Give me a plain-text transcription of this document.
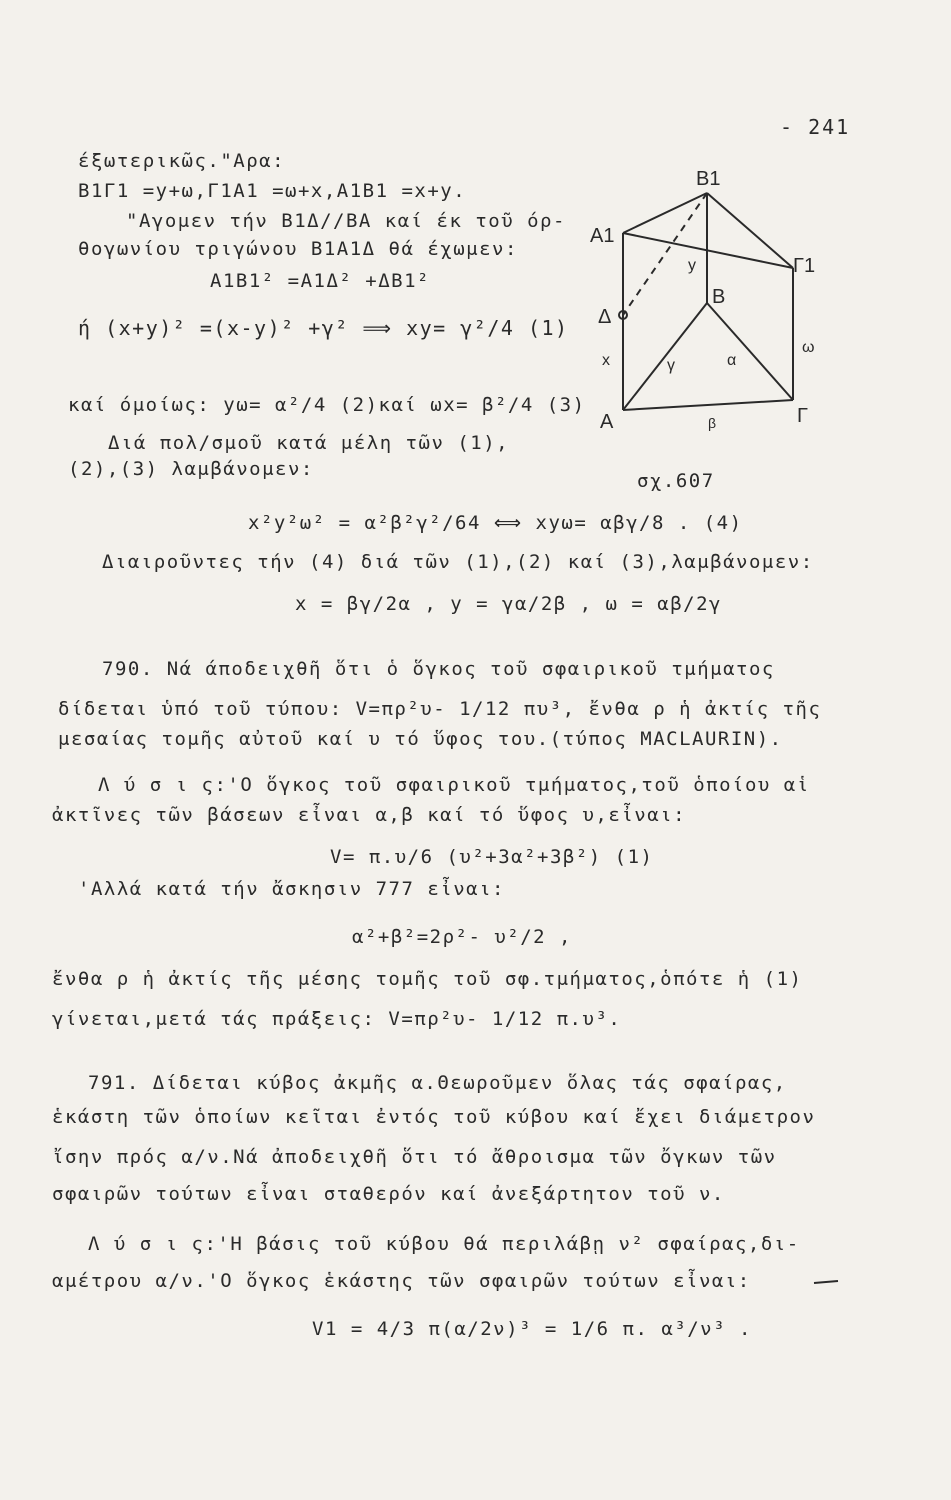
- 241
B1
A1
Γ1
B
Δ
A	Γ
y
x
ω
γ	α
β
σχ.607
έξωτερικῶς."Αρα:
B1Γ1 =y+ω,Γ1Α1 =ω+x,Α1Β1 =x+y.
"Αγομεν τήν Β1Δ//ΒΑ καί έκ τοῦ όρ-
θογωνίου τριγώνου Β1Α1Δ θά έχωμεν:
Α1Β1² =Α1Δ² +ΔΒ1²
ή (x+y)² =(x-y)² +γ² ⟹ xy= γ²/4 (1)
καί όμοίως: yω= α²/4 (2)καί ωx= β²/4 (3)
Διά πολ/σμοῦ κατά μέλη τῶν (1),
(2),(3) λαμβάνομεν:
x²y²ω² = α²β²γ²/64 ⟺ xyω= αβγ/8 . (4)
Διαιροῦντες τήν (4) διά τῶν (1),(2) καί (3),λαμβάνομεν:
x = βγ/2α , y = γα/2β , ω = αβ/2γ
790. Νά άποδειχθῆ ὅτι ὁ ὅγκος τοῦ σφαιρικοῦ τμήματος
δίδεται ὑπό τοῦ τύπου: V=πρ²υ- 1/12 πυ³, ἔνθα ρ ἡ ἀκτίς τῆς
μεσαίας τομῆς αὐτοῦ καί υ τό ὕφος του.(τύπος MACLAURIN).
Λ ύ σ ι ς:'Ο ὅγκος τοῦ σφαιρικοῦ τμήματος,τοῦ ὁποίου αἱ
ἀκτῖνες τῶν βάσεων εἶναι α,β καί τό ὕφος υ,εἶναι:
V= π.υ/6 (υ²+3α²+3β²) (1)
'Αλλά κατά τήν ἄσκησιν 777 εἶναι:
α²+β²=2ρ²- υ²/2 ,
ἔνθα ρ ἡ ἀκτίς τῆς μέσης τομῆς τοῦ σφ.τμήματος,ὁπότε ἡ (1)
γίνεται,μετά τάς πράξεις: V=πρ²υ- 1/12 π.υ³.
791. Δίδεται κύβος ἀκμῆς α.Θεωροῦμεν ὅλας τάς σφαίρας,
ἑκάστη τῶν ὁποίων κεῖται ἐντός τοῦ κύβου καί ἔχει διάμετρον
ἴσην πρός α/ν.Νά ἀποδειχθῆ ὅτι τό ἄθροισμα τῶν ὄγκων τῶν
σφαιρῶν τούτων εἶναι σταθερόν καί ἀνεξάρτητον τοῦ ν.
Λ ύ σ ι ς:'Η βάσις τοῦ κύβου θά περιλάβῃ ν² σφαίρας,δι-
αμέτρου α/ν.'Ο ὅγκος ἑκάστης τῶν σφαιρῶν τούτων εἶναι:
V1 = 4/3 π(α/2ν)³ = 1/6 π. α³/ν³ .
